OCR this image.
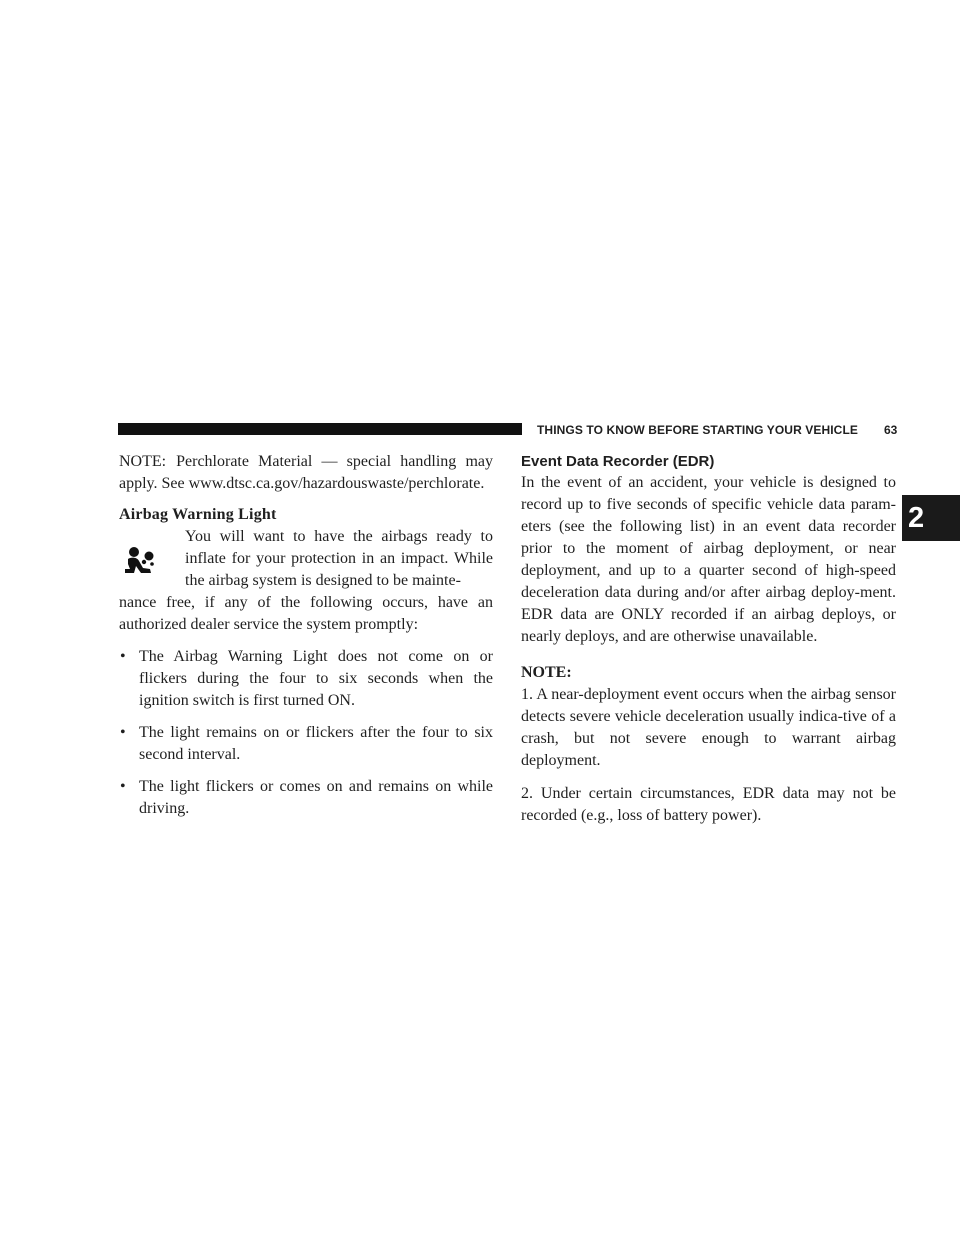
THINGS TO KNOW BEFORE STARTING YOUR VEHICLE 63
2

NOTE: Perchlorate Material — special handling may

apply. See www.dtsc.ca.gov/hazardouswaste/perchlorate.

Airbag Warning Light

You will want to have the airbags ready to inflate for your protection in an impact. While the airbag system is designed to be mainte-

nance free, if any of the following occurs, have an authorized dealer service the system promptly:

• The Airbag Warning Light does not come on or flickers during the four to six seconds when the ignition switch is first turned ON.

• The light remains on or flickers after the four to six second interval.

• The light flickers or comes on and remains on while driving.

Event Data Recorder (EDR)

In the event of an accident, your vehicle is designed to record up to five seconds of specific vehicle data param-eters (see the following list) in an event data recorder prior to the moment of airbag deployment, or near deployment, and up to a quarter second of high-speed deceleration data during and/or after airbag deploy-ment. EDR data are ONLY recorded if an airbag deploys, or nearly deploys, and are otherwise unavailable.

NOTE:

1. A near-deployment event occurs when the airbag sensor detects severe vehicle deceleration usually indica-tive of a crash, but not severe enough to warrant airbag deployment.

2. Under certain circumstances, EDR data may not be recorded (e.g., loss of battery power).
